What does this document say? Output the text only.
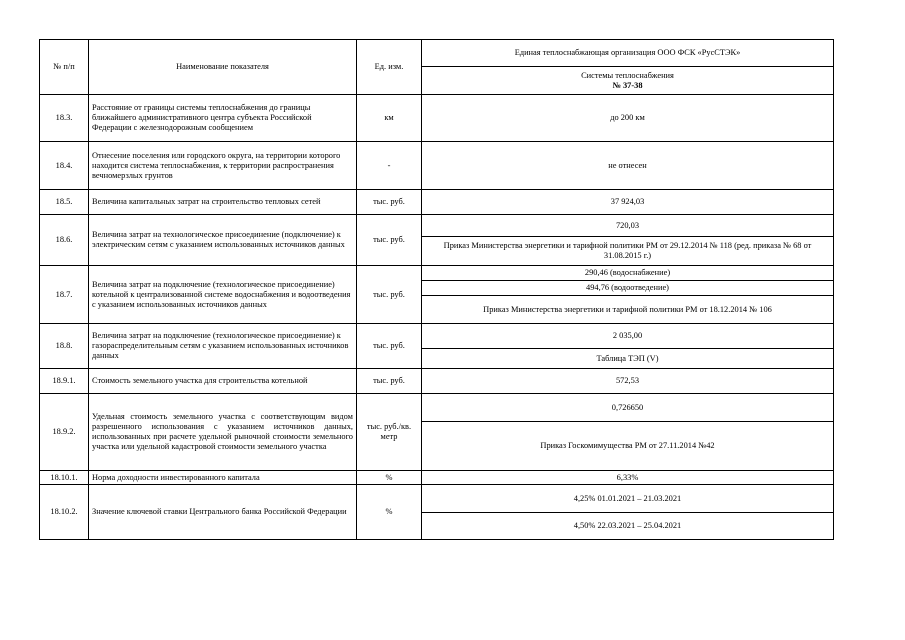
№ п/п	Наименование показателя	Ед. изм.	Единая теплоснабжающая организация ООО ФСК «РусСТЭК»

			Системы теплоснабжения
№ 37-38

18.3.	Расстояние от границы системы теплоснабжения до границы ближайшего административного центра субъекта Российской Федерации с железнодорожным сообщением	км	до 200 км
18.4.	Отнесение поселения или городского округа, на территории которого находится система теплоснабжения, к территории распространения вечномерзлых грунтов	-	не отнесен
18.5.	Величина капитальных затрат на строительство тепловых сетей	тыс. руб.	37 924,03
18.6.	Величина затрат на технологическое присоединение (подключение) к электрическим сетям с указанием использованных источников данных	тыс. руб.	720,03
			Приказ Министерства энергетики и тарифной политики РМ от 29.12.2014 № 118 (ред. приказа № 68 от 31.08.2015 г.)
18.7.	Величина затрат на подключение (технологическое присоединение) котельной к централизованной системе водоснабжения и водоотведения с указанием использованных источников данных	тыс. руб.	290,46 (водоснабжение)
			494,76 (водоотведение)
			Приказ Министерства энергетики и тарифной политики РМ от 18.12.2014 № 106
18.8.	Величина затрат на подключение (технологическое присоединение) к газораспределительным сетям с указанием использованных источников данных	тыс. руб.	2 035,00
			Таблица ТЭП (V)
18.9.1.	Стоимость земельного участка для строительства котельной	тыс. руб.	572,53
18.9.2.	Удельная стоимость земельного участка с соответствующим видом разрешенного использования с указанием источников данных, использованных при расчете удельной рыночной стоимости земельного участка или удельной кадастровой стоимости земельного участка	тыс. руб./кв. метр	0,726650
			Приказ Госкомимущества РМ от 27.11.2014 №42
18.10.1.	Норма доходности инвестированного капитала	%	6,33%
18.10.2.	Значение ключевой ставки Центрального банка Российской Федерации	%	4,25% 01.01.2021 – 21.03.2021
			4,50% 22.03.2021 – 25.04.2021
